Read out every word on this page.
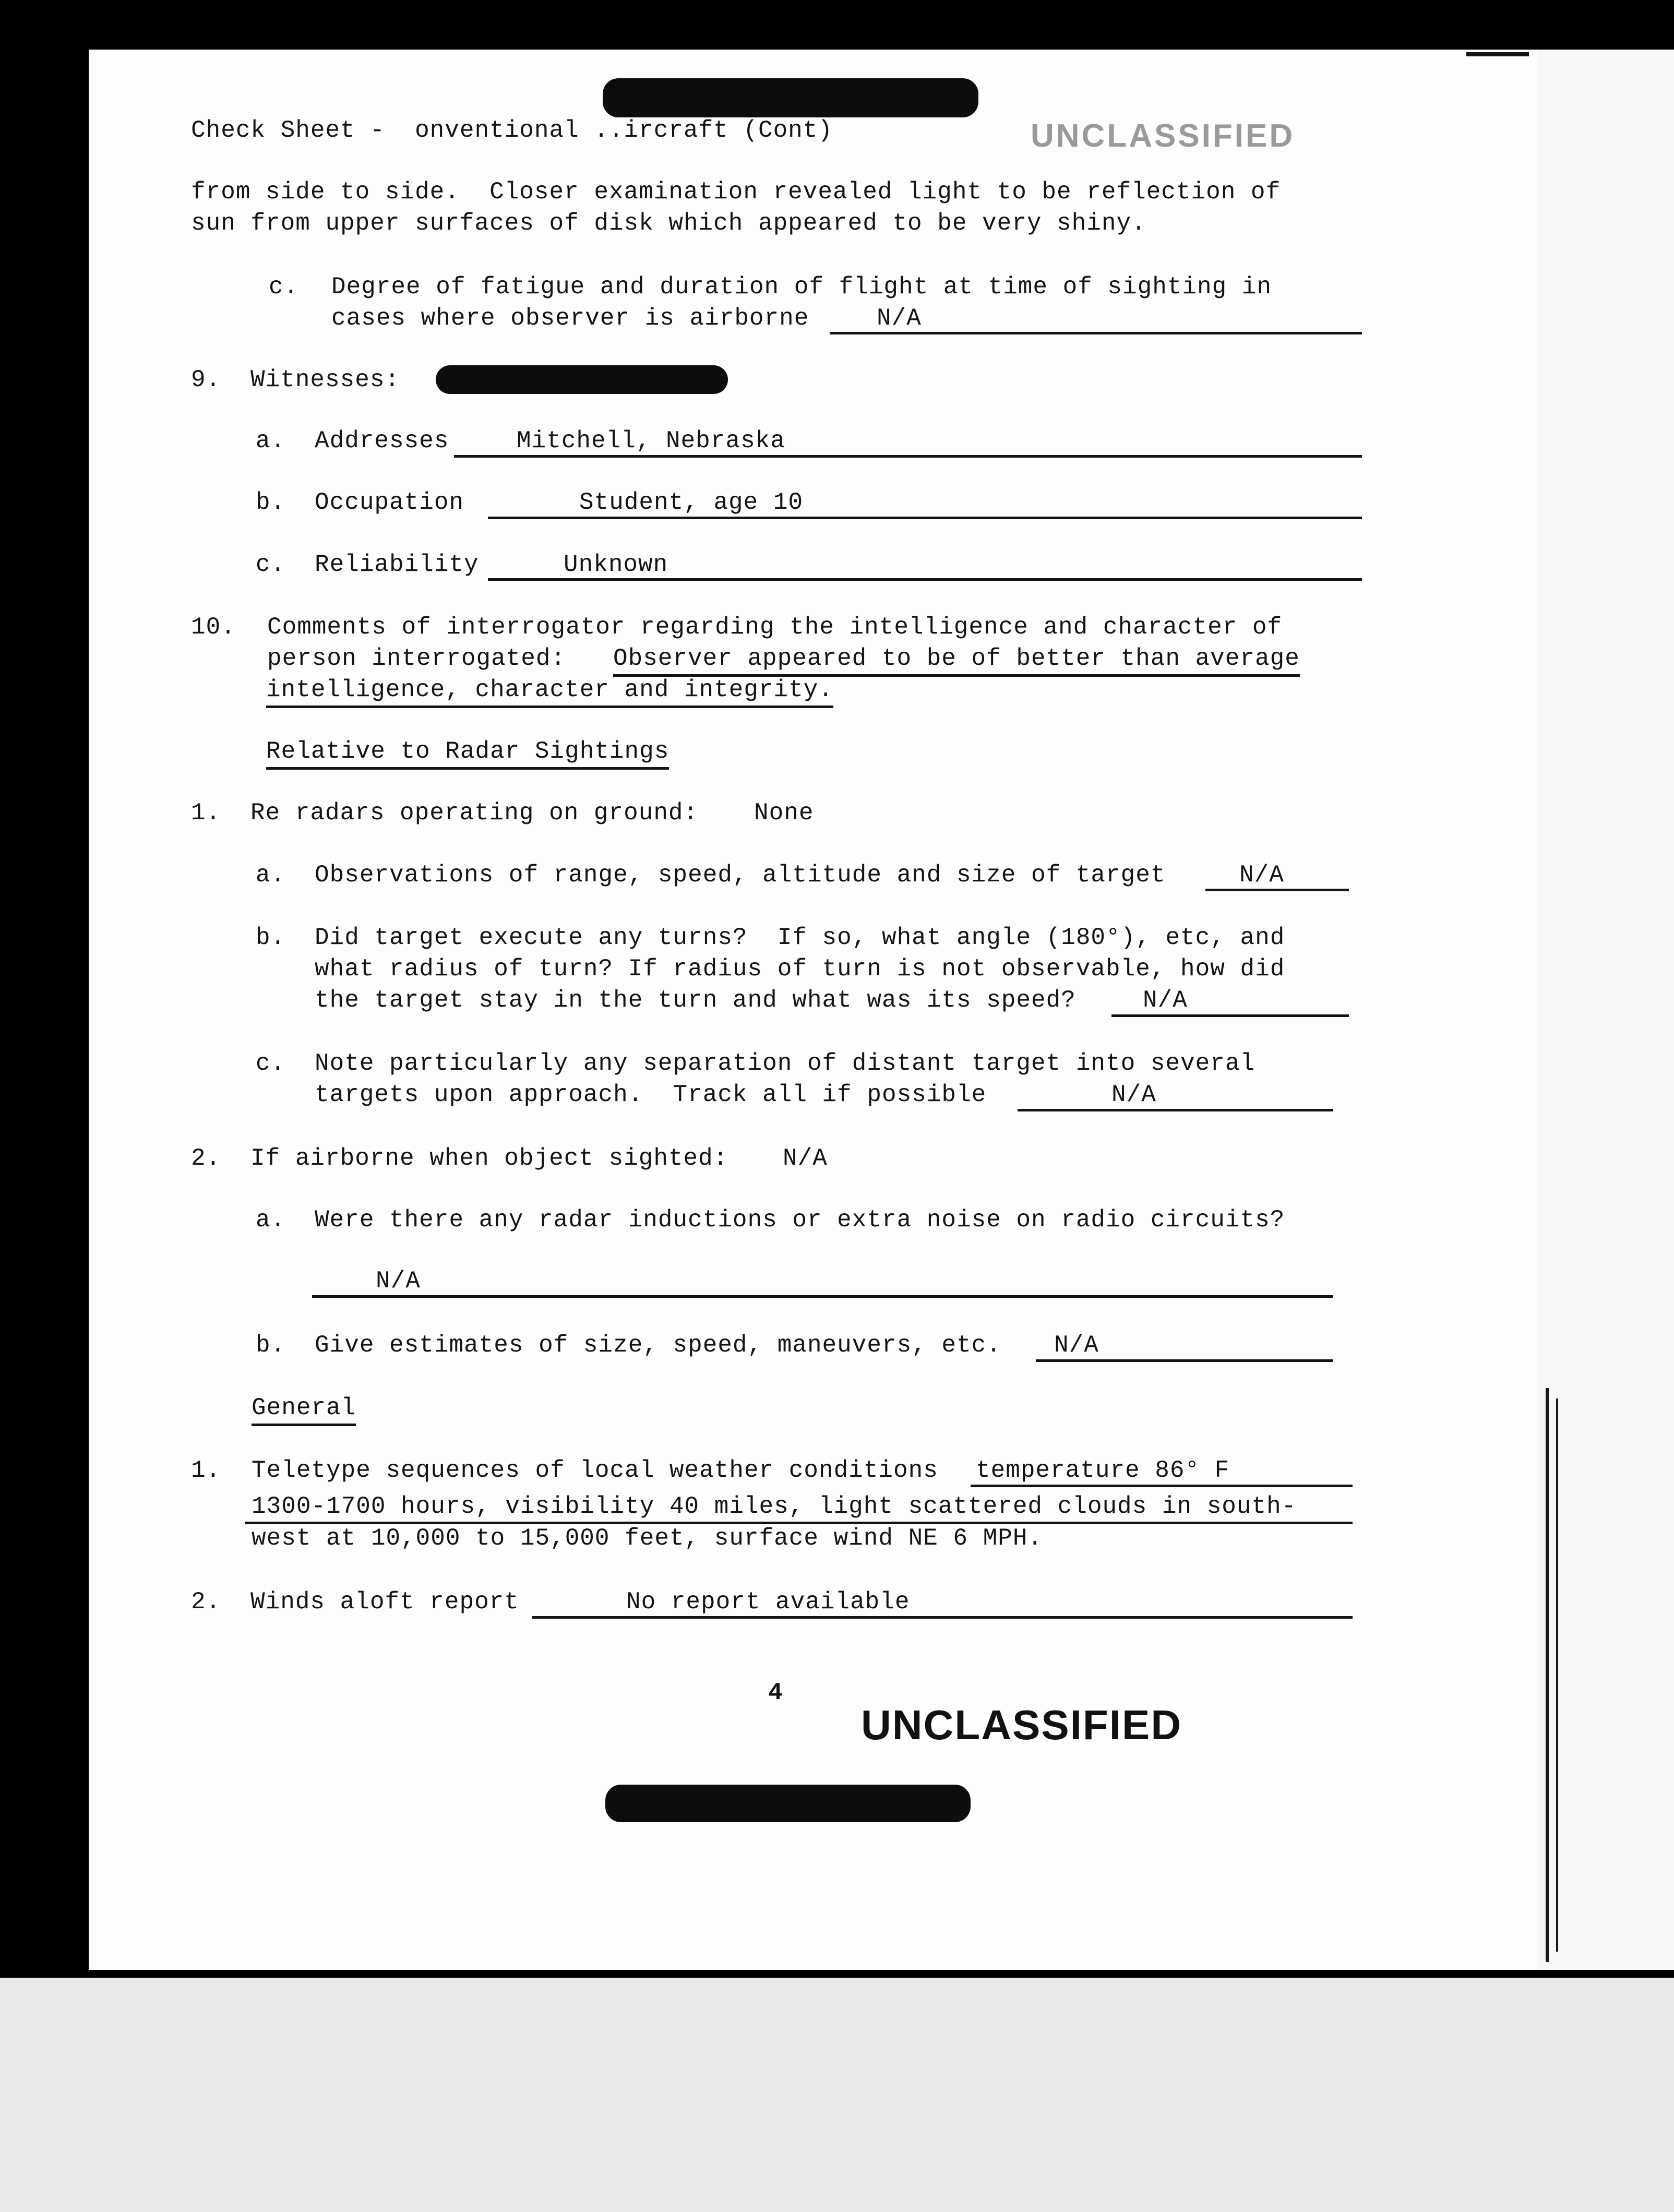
Check Sheet -  onventional ..ircraft (Cont)	UNCLASSIFIED
from side to side.  Closer examination revealed light to be reflection of
sun from upper surfaces of disk which appeared to be very shiny.
c. Degree of fatigue and duration of flight at time of sighting in
cases where observer is airborne	N/A
9. Witnesses:
a. Addresses	Mitchell, Nebraska
b. Occupation	Student, age 10
c. Reliability	Unknown
10. Comments of interrogator regarding the intelligence and character of
person interrogated: Observer appeared to be of better than average
intelligence, character and integrity.
Relative to Radar Sightings
1. Re radars operating on ground: None
a. Observations of range, speed, altitude and size of target	N/A
b. Did target execute any turns?  If so, what angle (180°), etc, and
what radius of turn? If radius of turn is not observable, how did
the target stay in the turn and what was its speed?	N/A
c. Note particularly any separation of distant target into several
targets upon approach.  Track all if possible	N/A
2. If airborne when object sighted: N/A
a. Were there any radar inductions or extra noise on radio circuits?
N/A
b. Give estimates of size, speed, maneuvers, etc. N/A
General
1. Teletype sequences of local weather conditions temperature 86° F
1300-1700 hours, visibility 40 miles, light scattered clouds in south-
west at 10,000 to 15,000 feet, surface wind NE 6 MPH.
2. Winds aloft report	No report available
4
UNCLASSIFIED
